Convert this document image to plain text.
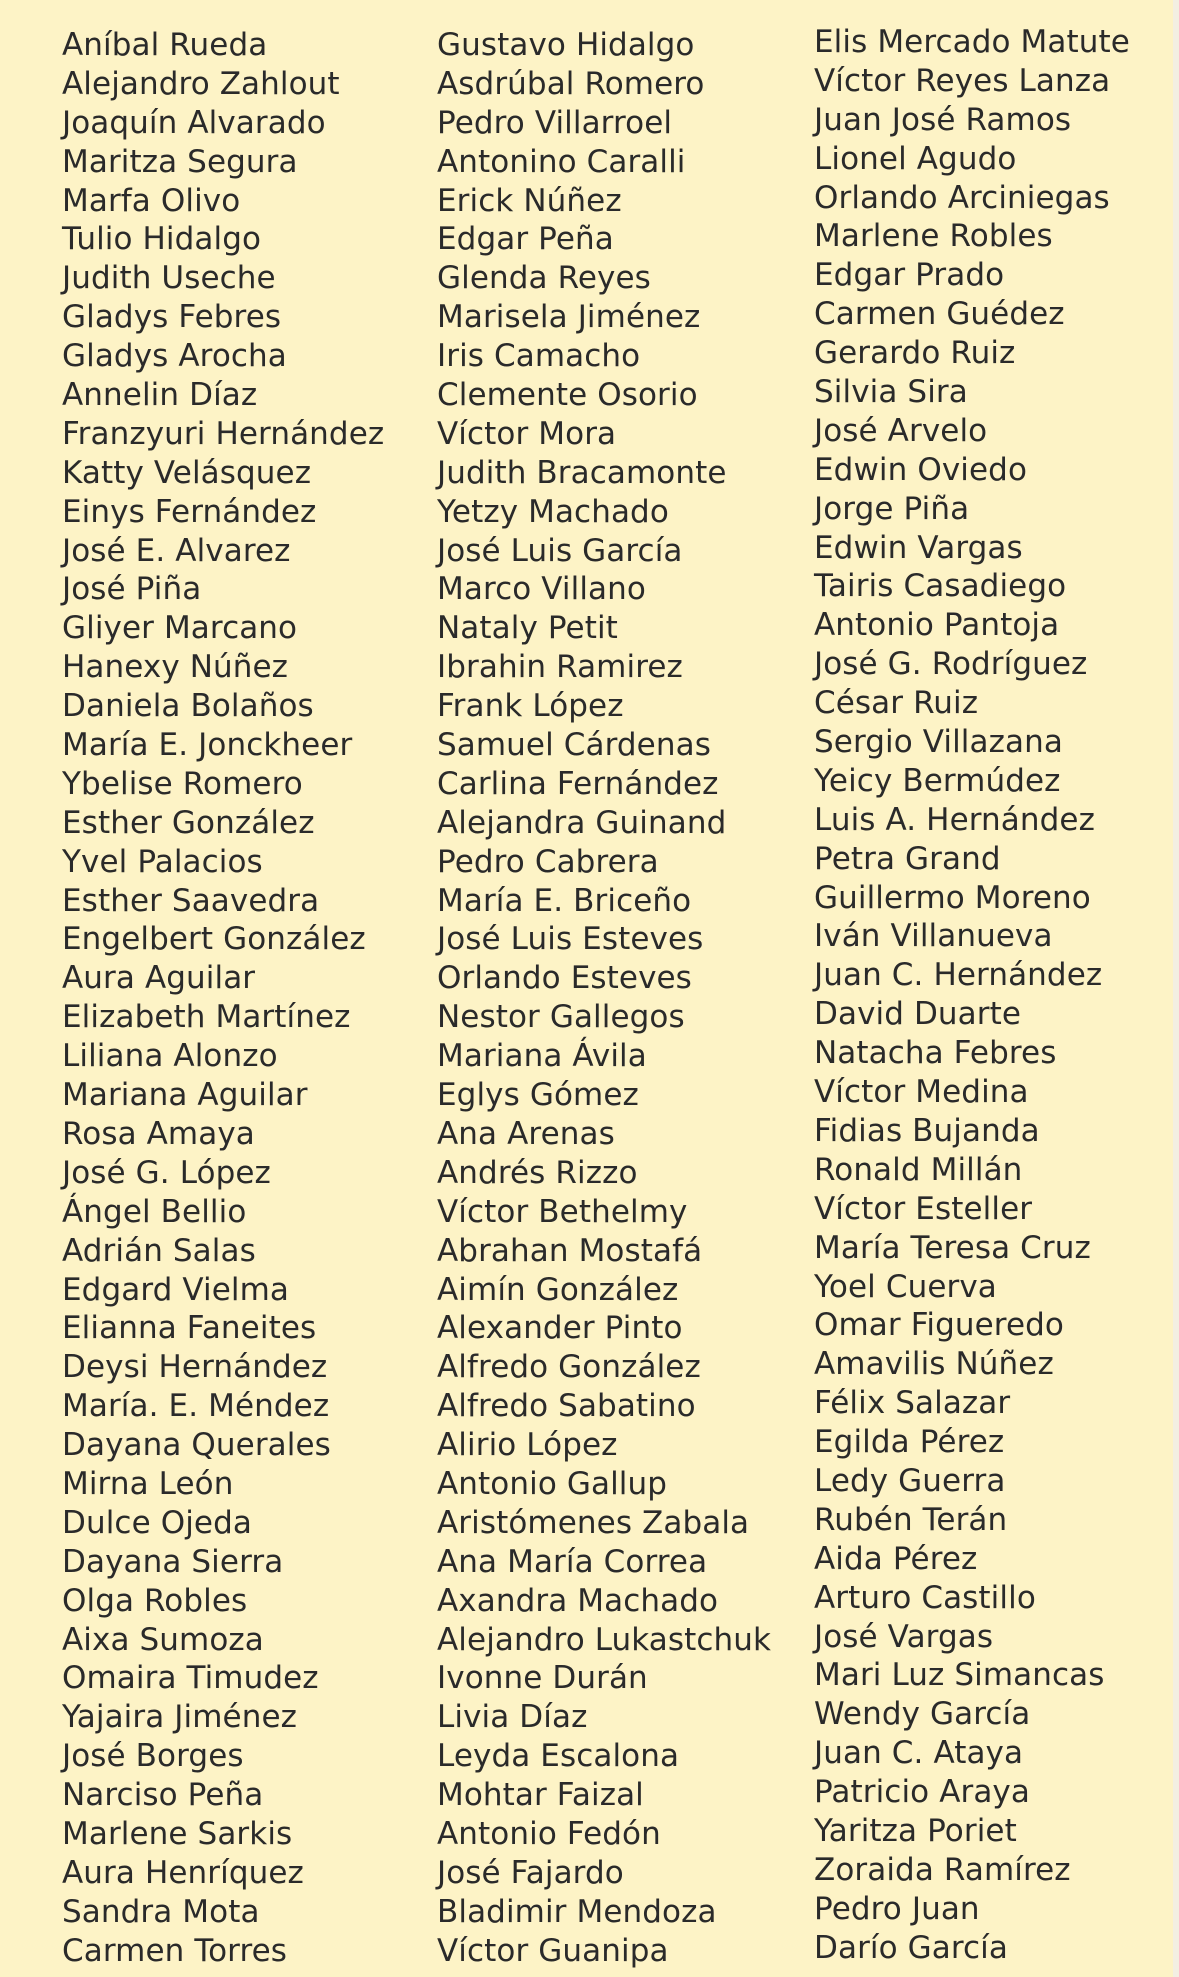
Aníbal Rueda
Alejandro Zahlout
Joaquín Alvarado
Maritza Segura
Marfa Olivo
Tulio Hidalgo
Judith Useche
Gladys Febres
Gladys Arocha
Annelin Díaz
Franzyuri Hernández
Katty Velásquez
Einys Fernández
José E. Alvarez
José Piña
Gliyer Marcano
Hanexy Núñez
Daniela Bolaños
María E. Jonckheer
Ybelise Romero
Esther González
Yvel Palacios
Esther Saavedra
Engelbert González
Aura Aguilar
Elizabeth Martínez
Liliana Alonzo
Mariana Aguilar
Rosa Amaya
José G. López
Ángel Bellio
Adrián Salas
Edgard Vielma
Elianna Faneites
Deysi Hernández
María. E. Méndez
Dayana Querales
Mirna León
Dulce Ojeda
Dayana Sierra
Olga Robles
Aixa Sumoza
Omaira Timudez
Yajaira Jiménez
José Borges
Narciso Peña
Marlene Sarkis
Aura Henríquez
Sandra Mota
Carmen Torres
Gustavo Hidalgo
Asdrúbal Romero
Pedro Villarroel
Antonino Caralli
Erick Núñez
Edgar Peña
Glenda Reyes
Marisela Jiménez
Iris Camacho
Clemente Osorio
Víctor Mora
Judith Bracamonte
Yetzy Machado
José Luis García
Marco Villano
Nataly Petit
Ibrahin Ramirez
Frank López
Samuel Cárdenas
Carlina Fernández
Alejandra Guinand
Pedro Cabrera
María E. Briceño
José Luis Esteves
Orlando Esteves
Nestor Gallegos
Mariana Ávila
Eglys Gómez
Ana Arenas
Andrés Rizzo
Víctor Bethelmy
Abrahan Mostafá
Aimín González
Alexander Pinto
Alfredo González
Alfredo Sabatino
Alirio López
Antonio Gallup
Aristómenes Zabala
Ana María Correa
Axandra Machado
Alejandro Lukastchuk
Ivonne Durán
Livia Díaz
Leyda Escalona
Mohtar Faizal
Antonio Fedón
José Fajardo
Bladimir Mendoza
Víctor Guanipa
Elis Mercado Matute
Víctor Reyes Lanza
Juan José Ramos
Lionel Agudo
Orlando Arciniegas
Marlene Robles
Edgar Prado
Carmen Guédez
Gerardo Ruiz
Silvia Sira
José Arvelo
Edwin Oviedo
Jorge Piña
Edwin Vargas
Tairis Casadiego
Antonio Pantoja
José G. Rodríguez
César Ruiz
Sergio Villazana
Yeicy Bermúdez
Luis A. Hernández
Petra Grand
Guillermo Moreno
Iván Villanueva
Juan C. Hernández
David Duarte
Natacha Febres
Víctor Medina
Fidias Bujanda
Ronald Millán
Víctor Esteller
María Teresa Cruz
Yoel Cuerva
Omar Figueredo
Amavilis Núñez
Félix Salazar
Egilda Pérez
Ledy Guerra
Rubén Terán
Aida Pérez
Arturo Castillo
José Vargas
Mari Luz Simancas
Wendy García
Juan C. Ataya
Patricio Araya
Yaritza Poriet
Zoraida Ramírez
Pedro Juan
Darío García
